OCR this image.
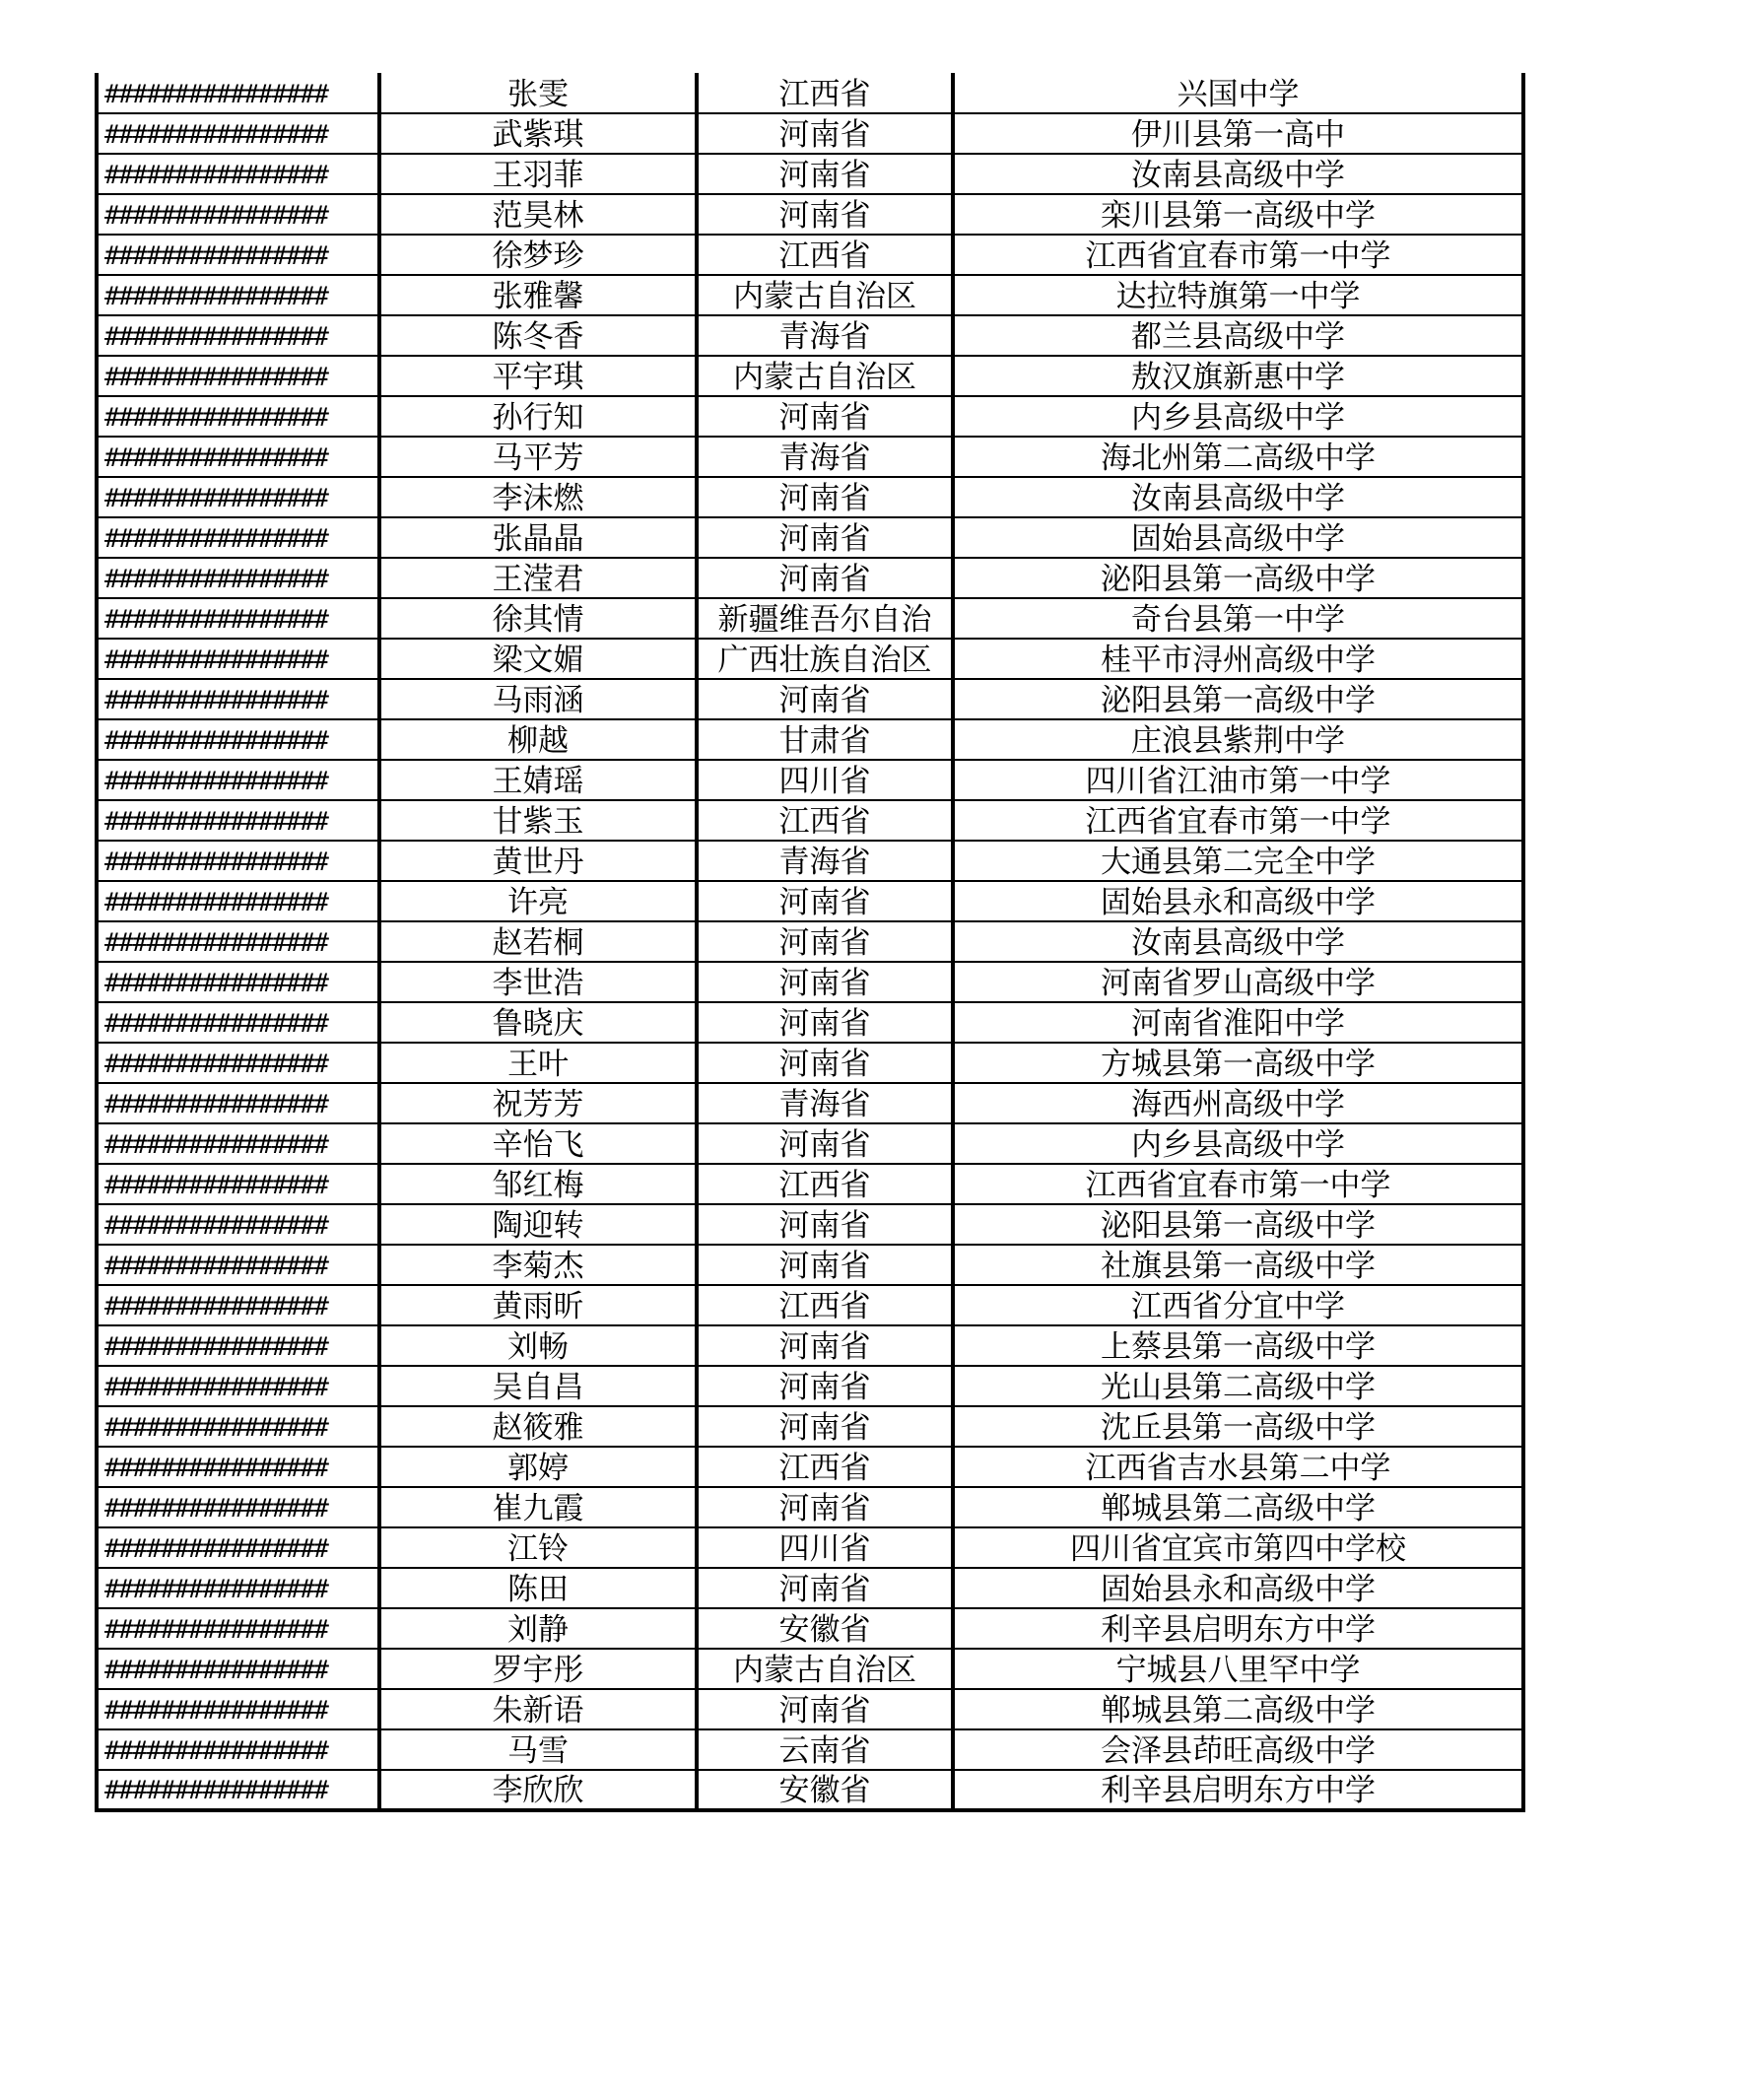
################	张雯	江西省	兴国中学
################	武紫琪	河南省	伊川县第一高中
################	王羽菲	河南省	汝南县高级中学
################	范昊林	河南省	栾川县第一高级中学
################	徐梦珍	江西省	江西省宜春市第一中学
################	张雅馨	内蒙古自治区	达拉特旗第一中学
################	陈冬香	青海省	都兰县高级中学
################	平宇琪	内蒙古自治区	敖汉旗新惠中学
################	孙行知	河南省	内乡县高级中学
################	马平芳	青海省	海北州第二高级中学
################	李沫燃	河南省	汝南县高级中学
################	张晶晶	河南省	固始县高级中学
################	王滢君	河南省	泌阳县第一高级中学
################	徐其情	新疆维吾尔自治	奇台县第一中学
################	梁文媚	广西壮族自治区	桂平市浔州高级中学
################	马雨涵	河南省	泌阳县第一高级中学
################	柳越	甘肃省	庄浪县紫荆中学
################	王婧瑶	四川省	四川省江油市第一中学
################	甘紫玉	江西省	江西省宜春市第一中学
################	黄世丹	青海省	大通县第二完全中学
################	许亮	河南省	固始县永和高级中学
################	赵若桐	河南省	汝南县高级中学
################	李世浩	河南省	河南省罗山高级中学
################	鲁晓庆	河南省	河南省淮阳中学
################	王叶	河南省	方城县第一高级中学
################	祝芳芳	青海省	海西州高级中学
################	辛怡飞	河南省	内乡县高级中学
################	邹红梅	江西省	江西省宜春市第一中学
################	陶迎转	河南省	泌阳县第一高级中学
################	李菊杰	河南省	社旗县第一高级中学
################	黄雨昕	江西省	江西省分宜中学
################	刘畅	河南省	上蔡县第一高级中学
################	吴自昌	河南省	光山县第二高级中学
################	赵筱雅	河南省	沈丘县第一高级中学
################	郭婷	江西省	江西省吉水县第二中学
################	崔九霞	河南省	郸城县第二高级中学
################	江铃	四川省	四川省宜宾市第四中学校
################	陈田	河南省	固始县永和高级中学
################	刘静	安徽省	利辛县启明东方中学
################	罗宇彤	内蒙古自治区	宁城县八里罕中学
################	朱新语	河南省	郸城县第二高级中学
################	马雪	云南省	会泽县茚旺高级中学
################	李欣欣	安徽省	利辛县启明东方中学
